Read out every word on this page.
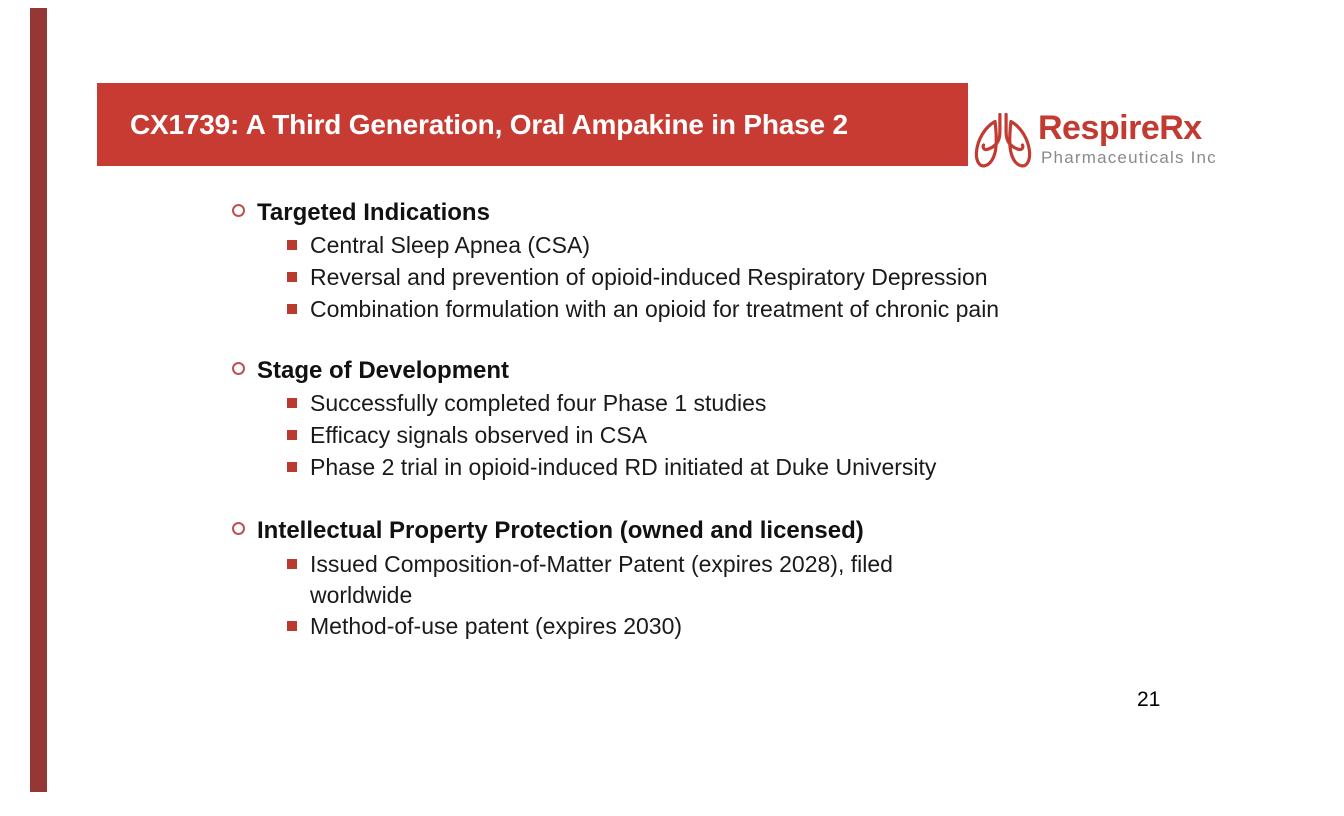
CX1739: A Third Generation, Oral Ampakine in Phase 2	RespireRx
Pharmaceuticals Inc
Targeted Indications
Central Sleep Apnea (CSA)
Reversal and prevention of opioid-induced Respiratory Depression
Combination formulation with an opioid for treatment of chronic pain
Stage of Development
Successfully completed four Phase 1 studies
Efficacy signals observed in CSA
Phase 2 trial in opioid-induced RD initiated at Duke University
Intellectual Property Protection (owned and licensed)
Issued Composition-of-Matter Patent (expires 2028), filed
worldwide
Method-of-use patent (expires 2030)
21
